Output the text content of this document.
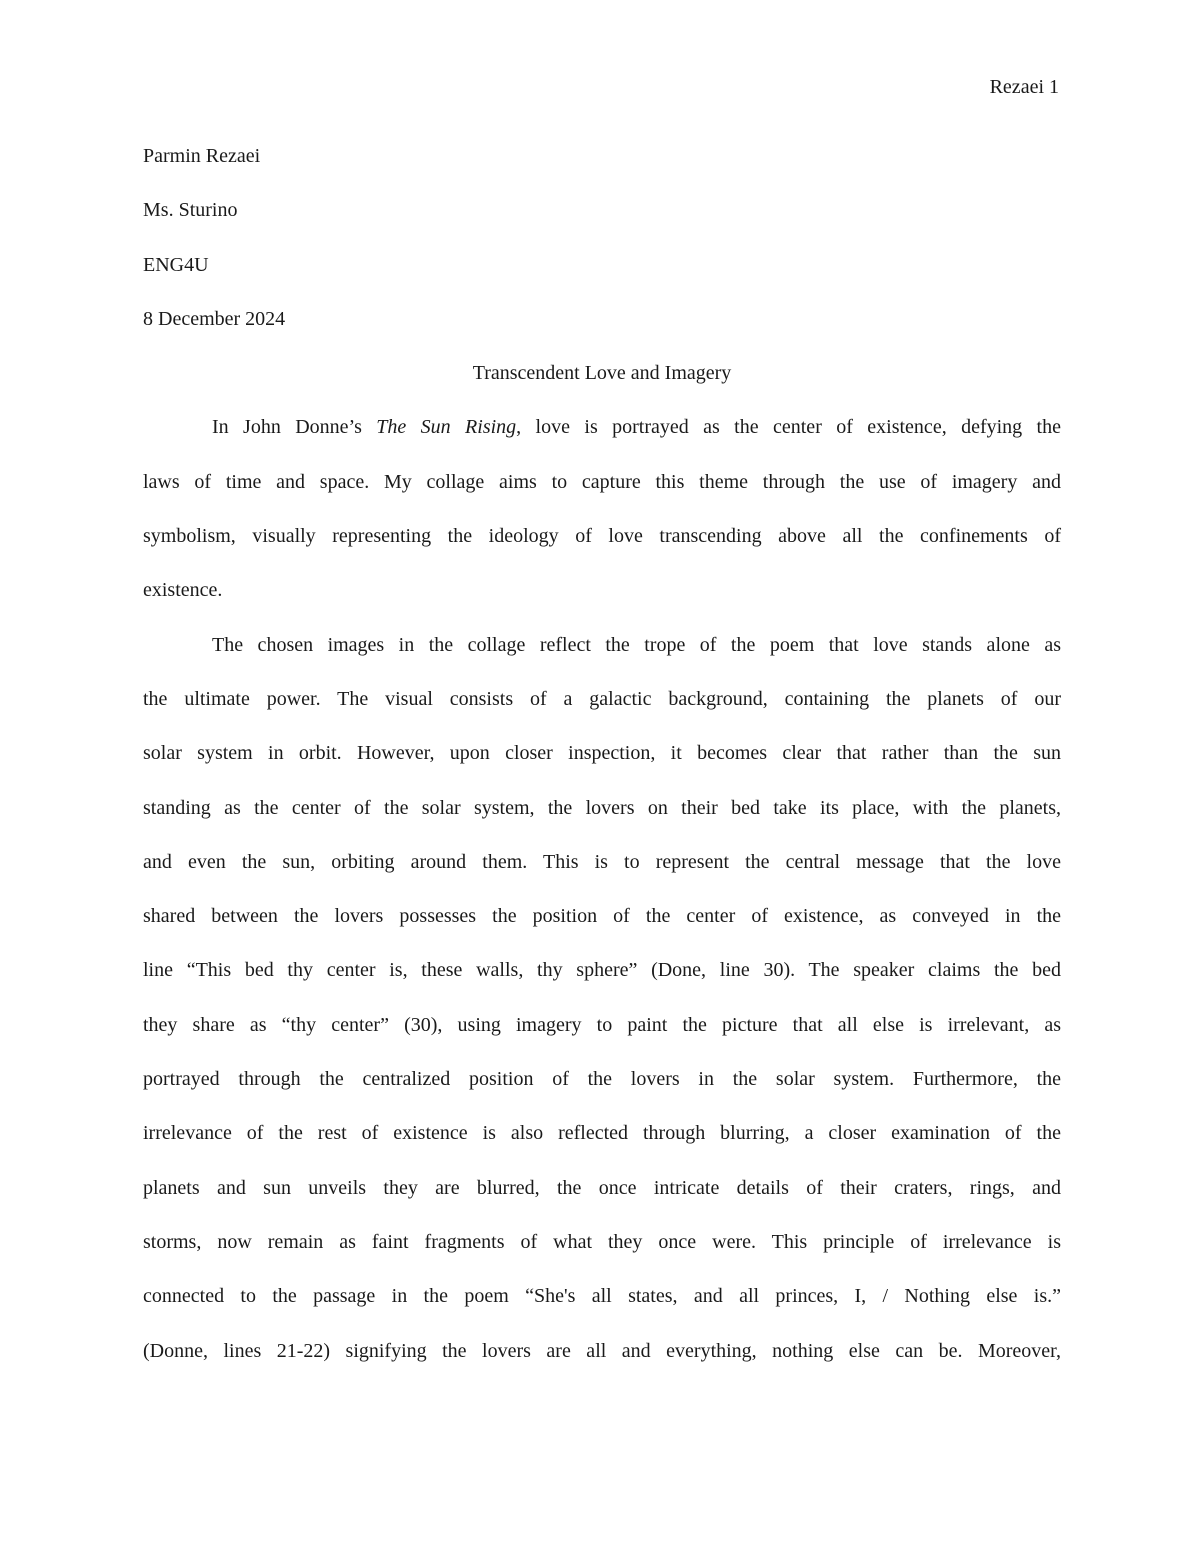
Rezaei 1
Parmin Rezaei
Ms. Sturino
ENG4U
8 December 2024
Transcendent Love and Imagery
In John Donne’s The Sun Rising, love is portrayed as the center of existence, defying the
laws of time and space. My collage aims to capture this theme through the use of imagery and
symbolism, visually representing the ideology of love transcending above all the confinements of
existence.
The chosen images in the collage reflect the trope of the poem that love stands alone as
the ultimate power. The visual consists of a galactic background, containing the planets of our
solar system in orbit. However, upon closer inspection, it becomes clear that rather than the sun
standing as the center of the solar system, the lovers on their bed take its place, with the planets,
and even the sun, orbiting around them. This is to represent the central message that the love
shared between the lovers possesses the position of the center of existence, as conveyed in the
line “This bed thy center is, these walls, thy sphere” (Done, line 30). The speaker claims the bed
they share as “thy center” (30), using imagery to paint the picture that all else is irrelevant, as
portrayed through the centralized position of the lovers in the solar system. Furthermore, the
irrelevance of the rest of existence is also reflected through blurring, a closer examination of the
planets and sun unveils they are blurred, the once intricate details of their craters, rings, and
storms, now remain as faint fragments of what they once were. This principle of irrelevance is
connected to the passage in the poem “She's all states, and all princes, I, / Nothing else is.”
(Donne, lines 21-22) signifying the lovers are all and everything, nothing else can be. Moreover,
